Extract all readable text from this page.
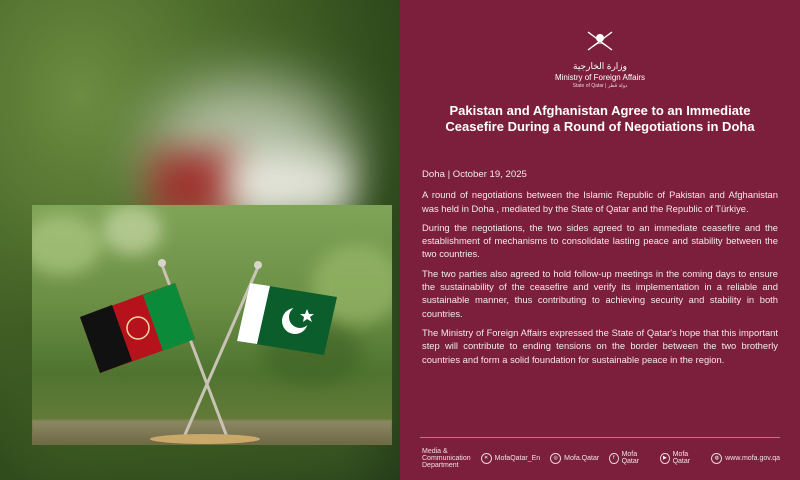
وزارة الخارجية
Ministry of Foreign Affairs
State of Qatar | دولة قطر
Pakistan and Afghanistan Agree to an Immediate Ceasefire During a Round of Negotiations in Doha

Doha | October 19, 2025

A round of negotiations between the Islamic Republic of Pakistan and Afghanistan was held in Doha , mediated by the State of Qatar and the Republic of Türkiye.

During the negotiations, the two sides agreed to an immediate ceasefire and the establishment of mechanisms to consolidate lasting peace and stability between the two countries.

The two parties also agreed to hold follow-up meetings in the coming days to ensure the sustainability of the ceasefire and verify its implementation in a reliable and sustainable manner, thus contributing to achieving security and stability in both countries.

The Ministry of Foreign Affairs expressed the State of Qatar's hope that this important step will contribute to ending tensions on the border between the two brotherly countries and form a solid foundation for sustainable peace in the region.

Media & Communication Department
✕ MofaQatar_En	◎ Mofa.Qatar	f	Mofa Qatar
▶ Mofa Qatar
◍ www.mofa.gov.qa
